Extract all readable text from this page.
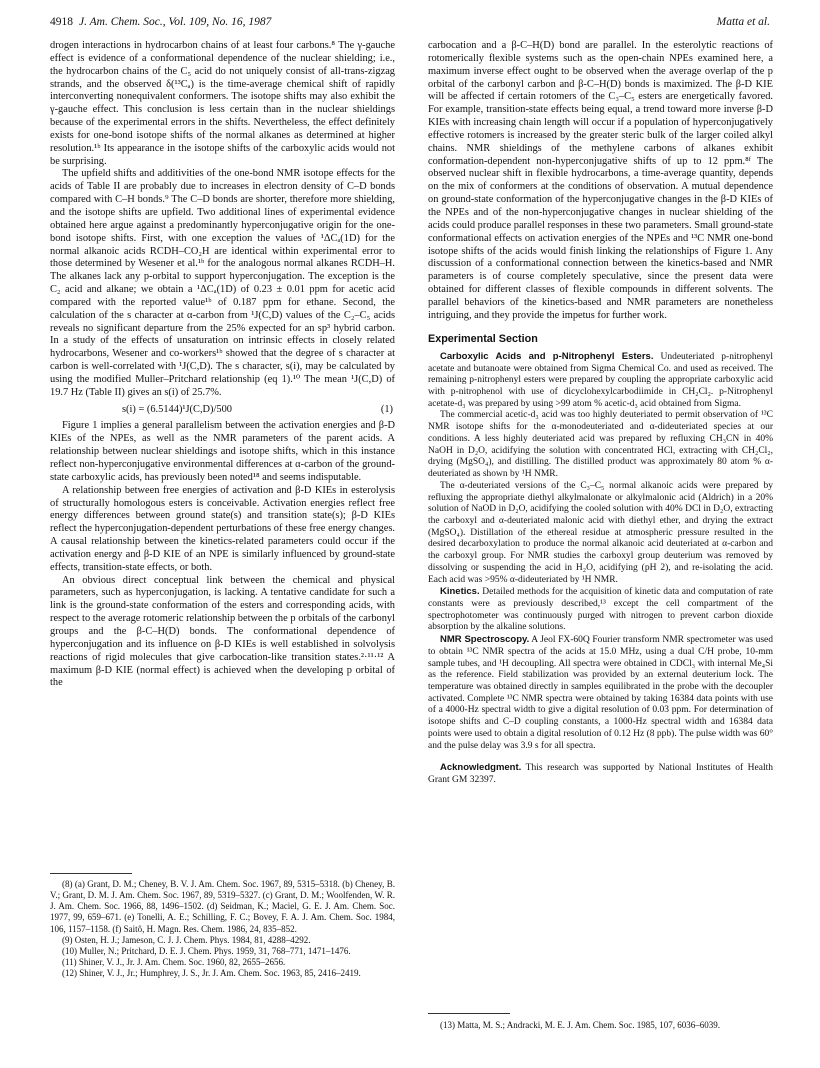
4918 J. Am. Chem. Soc., Vol. 109, No. 16, 1987	Matta et al.

drogen interactions in hydrocarbon chains of at least four carbons.⁸ The γ-gauche effect is evidence of a conformational dependence of the nuclear shielding; i.e., the hydrocarbon chains of the C₅ acid do not uniquely consist of all-trans-zigzag strands, and the observed δ(¹³Cₐ) is the time-average chemical shift of rapidly interconverting nonequivalent conformers. The isotope shifts may also exhibit the γ-gauche effect. This conclusion is less certain than in the nuclear shieldings because of the experimental errors in the shifts. Nevertheless, the effect definitely exists for one-bond isotope shifts of the normal alkanes as determined at higher resolution.¹ᵇ Its appearance in the isotope shifts of the carboxylic acids would not be surprising.

The upfield shifts and additivities of the one-bond NMR isotope effects for the acids of Table II are probably due to increases in electron density of C–D bonds compared with C–H bonds.⁹ The C–D bonds are shorter, therefore more shielding, and the isotope shifts are upfield. Two additional lines of experimental evidence obtained here argue against a predominantly hyperconjugative origin for the one-bond isotope shifts. First, with one exception the values of ¹ΔCₐ(1D) for the normal alkanoic acids RCDH–CO₂H are identical within experimental error to those determined by Wesener et al.¹ᵇ for the analogous normal alkanes RCDH–H. The alkanes lack any p-orbital to support hyperconjugation. The exception is the C₂ acid and alkane; we obtain a ¹ΔCₐ(1D) of 0.23 ± 0.01 ppm for acetic acid compared with the reported value¹ᵇ of 0.187 ppm for ethane. Second, the calculation of the s character at α-carbon from ¹J(C,D) values of the C₂–C₅ acids reveals no significant departure from the 25% expected for an sp³ hybrid carbon. In a study of the effects of unsaturation on intrinsic effects in closely related hydrocarbons, Wesener and co-workers¹ᵇ showed that the degree of s character at carbon is well-correlated with ¹J(C,D). The s character, s(i), may be calculated by using the modified Muller–Pritchard relationship (eq 1).¹⁰ The mean ¹J(C,D) of 19.7 Hz (Table II) gives an s(i) of 25.7%.

s(i) = (6.5144)¹J(C,D)/500	(1)

Figure 1 implies a general parallelism between the activation energies and β-D KIEs of the NPEs, as well as the NMR parameters of the parent acids. A relationship between nuclear shieldings and isotope shifts, which in this instance reflect non-hyperconjugative environmental differences at α-carbon of the ground-state carboxylic acids, has previously been noted¹⁸ and seems indisputable.

A relationship between free energies of activation and β-D KIEs in esterolysis of structurally homologous esters is conceivable. Activation energies reflect free energy differences between ground state(s) and transition state(s); β-D KIEs reflect the hyperconjugation-dependent perturbations of these free energy changes. A causal relationship between the kinetics-related parameters could occur if the activation energy and β-D KIE of an NPE is similarly influenced by ground-state effects, transition-state effects, or both.

An obvious direct conceptual link between the chemical and physical parameters, such as hyperconjugation, is lacking. A tentative candidate for such a link is the ground-state conformation of the esters and corresponding acids, with respect to the average rotomeric relationship between the p orbitals of the carbonyl groups and the β-C–H(D) bonds. The conformational dependence of hyperconjugation and its influence on β-D KIEs is well established in solvolysis reactions of rigid molecules that give carbocation-like transition states.²·¹¹·¹² A maximum β-D KIE (normal effect) is achieved when the developing p orbital of the

carbocation and a β-C–H(D) bond are parallel. In the esterolytic reactions of rotomerically flexible systems such as the open-chain NPEs examined here, a maximum inverse effect ought to be observed when the average overlap of the p orbital of the carbonyl carbon and β-C–H(D) bonds is maximized. The β-D KIE will be affected if certain rotomers of the C₃–C₅ esters are energetically favored. For example, transition-state effects being equal, a trend toward more inverse β-D KIEs with increasing chain length will occur if a population of hyperconjugatively effective rotomers is increased by the greater steric bulk of the larger coiled alkyl chains. NMR shieldings of the methylene carbons of alkanes exhibit conformation-dependent non-hyperconjugative shifts of up to 12 ppm.⁸ᶠ The observed nuclear shift in flexible hydrocarbons, a time-average quantity, depends on the mix of conformers at the conditions of observation. A mutual dependence on ground-state conformation of the hyperconjugative changes in the β-D KIEs of the NPEs and of the non-hyperconjugative changes in nuclear shielding of the acids could produce parallel responses in these two parameters. Small ground-state conformational effects on activation energies of the NPEs and ¹³C NMR one-bond isotope shifts of the acids would finish linking the relationships of Figure 1. Any discussion of a conformational connection between the kinetics-based and NMR parameters is of course completely speculative, since the present data were obtained for different classes of flexible compounds in different solvents. The parallel behaviors of the kinetics-based and NMR parameters are nonetheless intriguing, and they provide the impetus for further work.

Experimental Section

Carboxylic Acids and p-Nitrophenyl Esters. Undeuteriated p-nitrophenyl acetate and butanoate were obtained from Sigma Chemical Co. and used as received. The remaining p-nitrophenyl esters were prepared by coupling the appropriate carboxylic acid with p-nitrophenol with use of dicyclohexylcarbodiimide in CH₂Cl₂. p-Nitrophenyl acetate-d₃ was prepared by using >99 atom % acetic-d₃ acid obtained from Sigma.

The commercial acetic-d₃ acid was too highly deuteriated to permit observation of ¹³C NMR isotope shifts for the α-monodeuteriated and α-dideuteriated species at our conditions. A less highly deuteriated acid was prepared by refluxing CH₃CN in 40% NaOH in D₂O, acidifying the solution with concentrated HCl, extracting with CH₂Cl₂, drying (MgSO₄), and distilling. The distilled product was approximately 80 atom % α-deuteriated as shown by ¹H NMR.

The α-deuteriated versions of the C₃–C₅ normal alkanoic acids were prepared by refluxing the appropriate diethyl alkylmalonate or alkylmalonic acid (Aldrich) in a 20% solution of NaOD in D₂O, acidifying the cooled solution with 40% DCl in D₂O, extracting the carboxyl and α-deuteriated malonic acid with diethyl ether, and drying the extract (MgSO₄). Distillation of the ethereal residue at atmospheric pressure resulted in the desired decarboxylation to produce the normal alkanoic acid deuteriated at α-carbon and the carboxyl group. For NMR studies the carboxyl group deuterium was removed by dissolving or suspending the acid in H₂O, acidifying (pH 2), and re-isolating the acid. Each acid was >95% α-dideuteriated by ¹H NMR.

Kinetics. Detailed methods for the acquisition of kinetic data and computation of rate constants were as previously described,¹³ except the cell compartment of the spectrophotometer was continuously purged with nitrogen to prevent carbon dioxide absorption by the alkaline solutions.

NMR Spectroscopy. A Jeol FX-60Q Fourier transform NMR spectrometer was used to obtain ¹³C NMR spectra of the acids at 15.0 MHz, using a dual C/H probe, 10-mm sample tubes, and ¹H decoupling. All spectra were obtained in CDCl₃ with internal Me₄Si as the reference. Field stabilization was provided by an external deuterium lock. The temperature was obtained directly in samples equilibrated in the probe with the decoupler activated. Complete ¹³C NMR spectra were obtained by taking 16384 data points with use of a 4000-Hz spectral width to give a digital resolution of 0.03 ppm. For determination of isotope shifts and C–D coupling constants, a 1000-Hz spectral width and 16384 data points were used to obtain a digital resolution of 0.12 Hz (8 ppb). The pulse width was 60° and the pulse delay was 3.9 s for all spectra.

Acknowledgment. This research was supported by National Institutes of Health Grant GM 32397.

(8) (a) Grant, D. M.; Cheney, B. V. J. Am. Chem. Soc. 1967, 89, 5315–5318. (b) Cheney, B. V.; Grant, D. M. J. Am. Chem. Soc. 1967, 89, 5319–5327. (c) Grant, D. M.; Woolfenden, W. R. J. Am. Chem. Soc. 1966, 88, 1496–1502. (d) Seidman, K.; Maciel, G. E. J. Am. Chem. Soc. 1977, 99, 659–671. (e) Tonelli, A. E.; Schilling, F. C.; Bovey, F. A. J. Am. Chem. Soc. 1984, 106, 1157–1158. (f) Saitô, H. Magn. Res. Chem. 1986, 24, 835–852.

(9) Osten, H. J.; Jameson, C. J. J. Chem. Phys. 1984, 81, 4288–4292.

(10) Muller, N.; Pritchard, D. E. J. Chem. Phys. 1959, 31, 768–771, 1471–1476.

(11) Shiner, V. J., Jr. J. Am. Chem. Soc. 1960, 82, 2655–2656.

(12) Shiner, V. J., Jr.; Humphrey, J. S., Jr. J. Am. Chem. Soc. 1963, 85, 2416–2419.

(13) Matta, M. S.; Andracki, M. E. J. Am. Chem. Soc. 1985, 107, 6036–6039.
